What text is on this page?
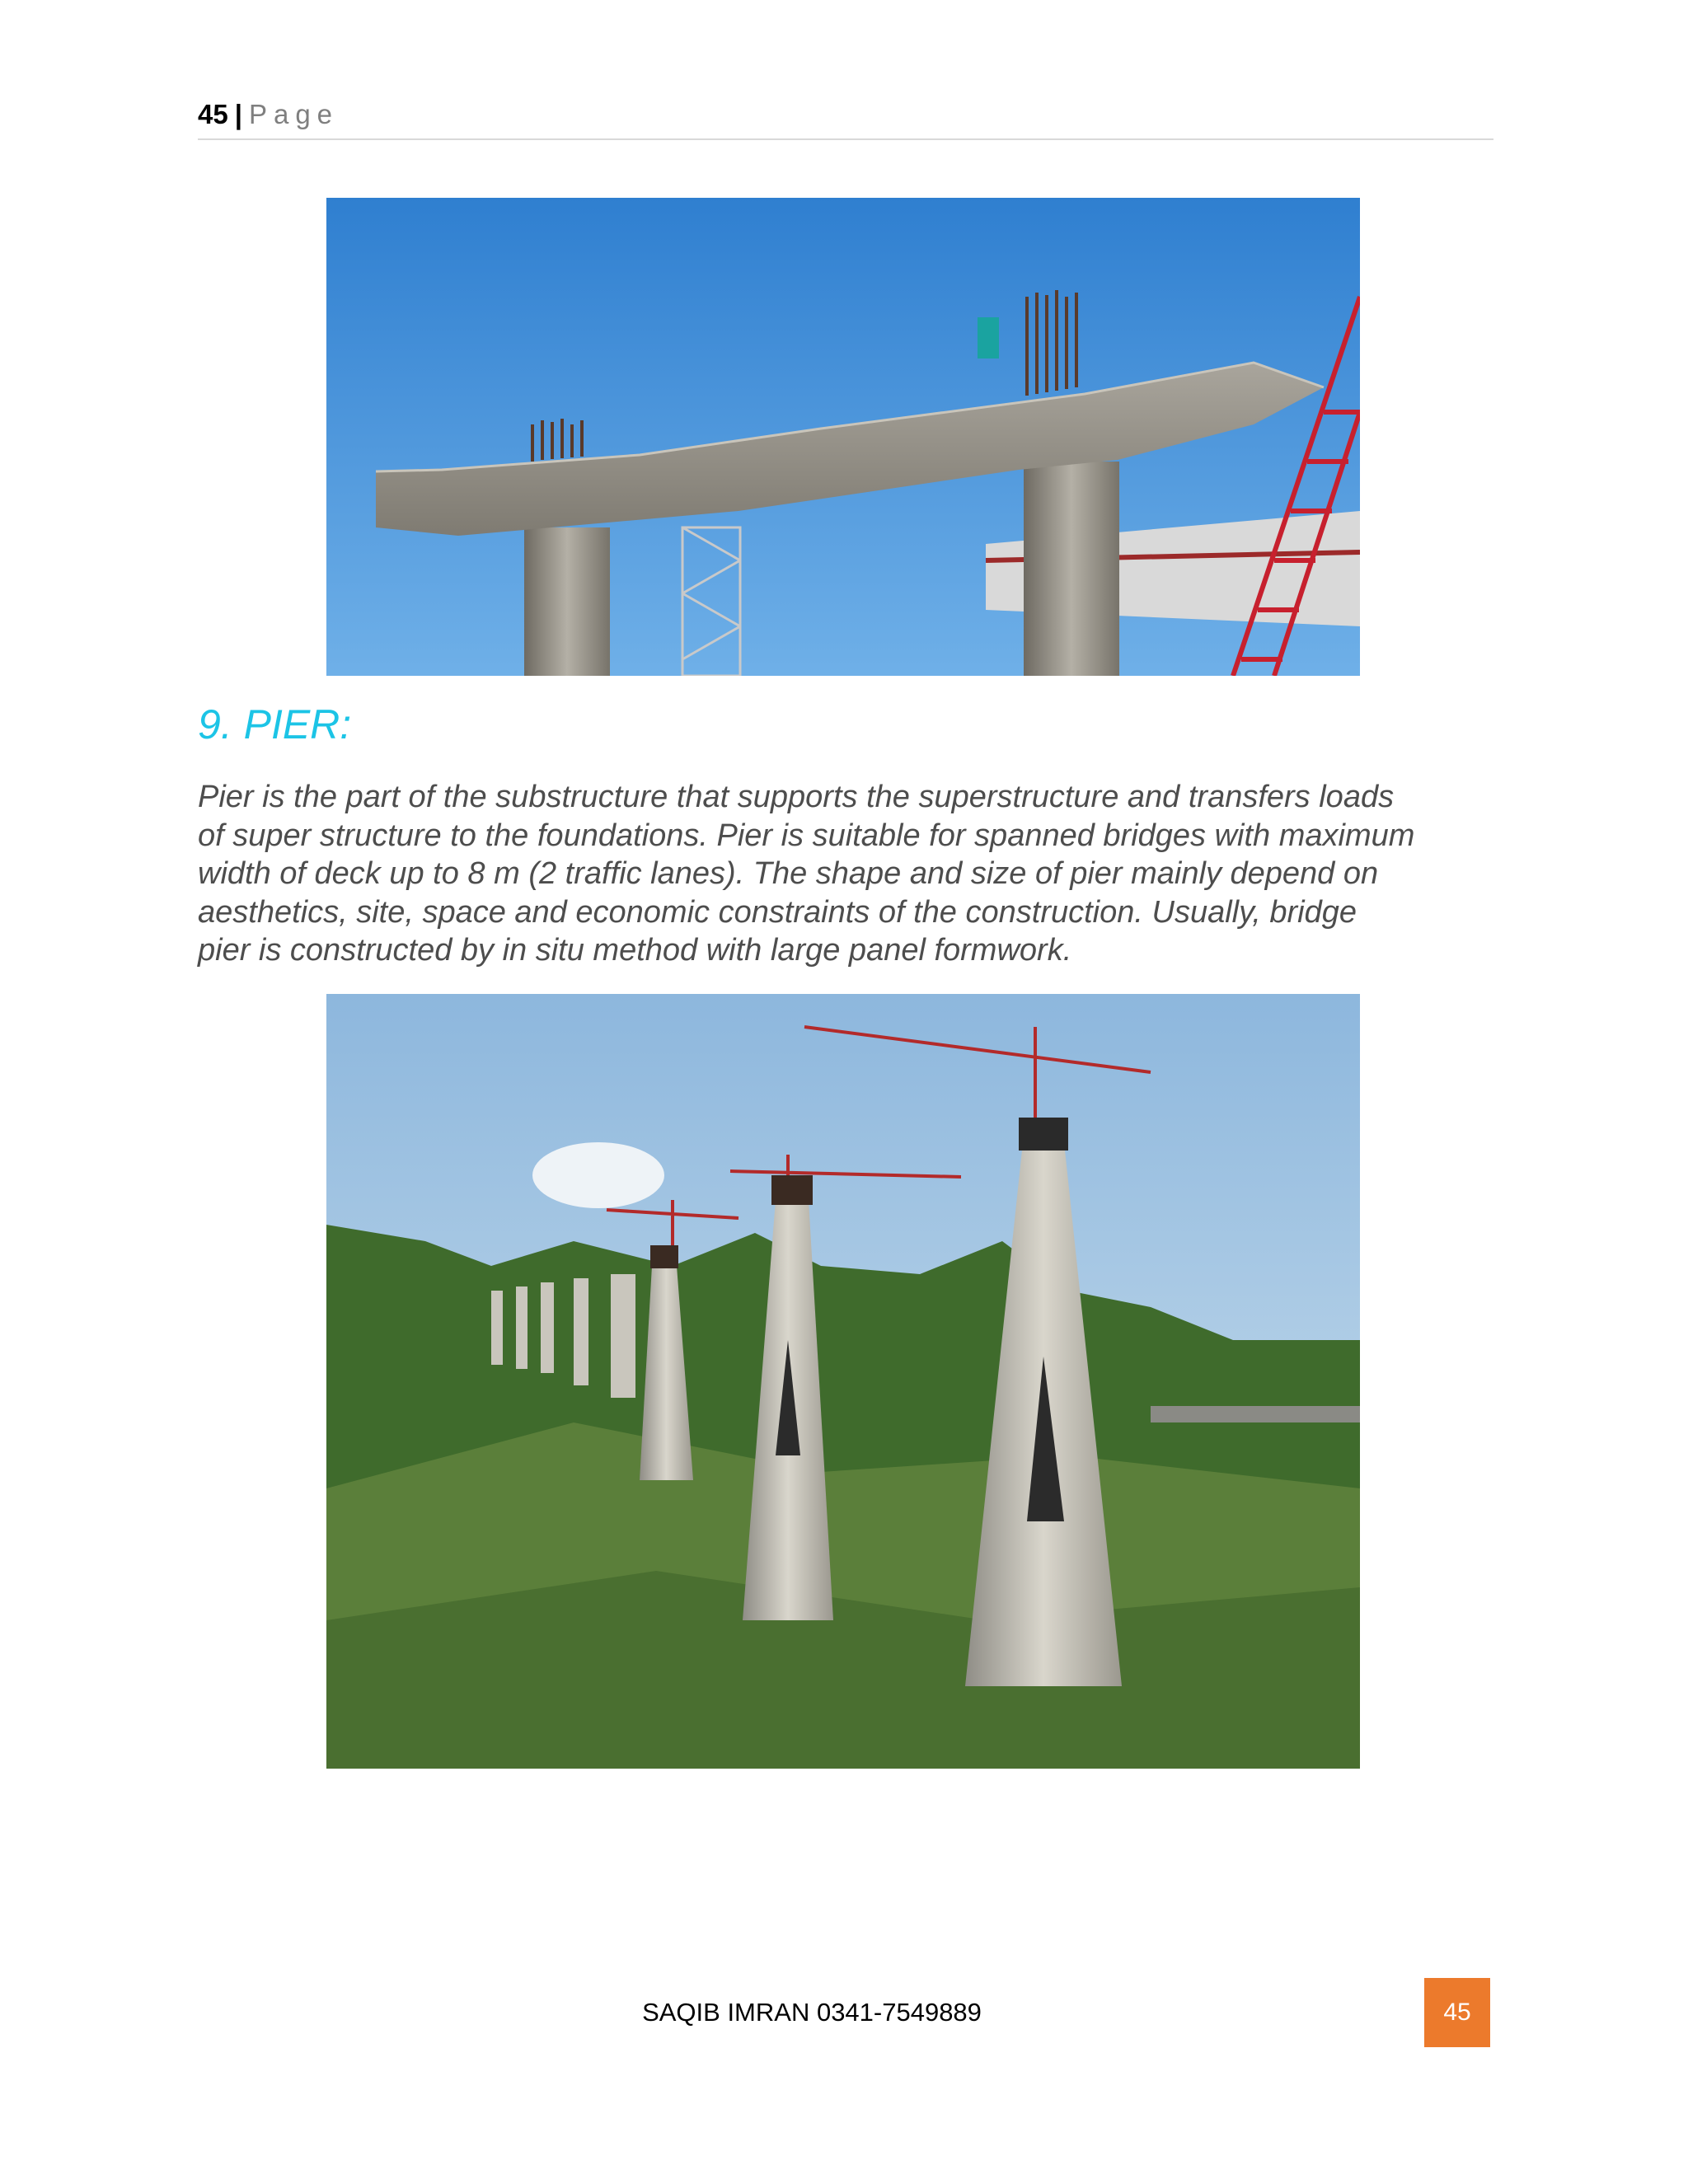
45 | Page
9. PIER:

Pier is the part of the substructure that supports the superstructure and transfers loads
of super structure to the foundations. Pier is suitable for spanned bridges with maximum
width of deck up to 8 m (2 traffic lanes). The shape and size of pier mainly depend on
aesthetics, site, space and economic constraints of the construction. Usually, bridge
pier is constructed by in situ method with large panel formwork.

SAQIB IMRAN 0341-7549889	45
